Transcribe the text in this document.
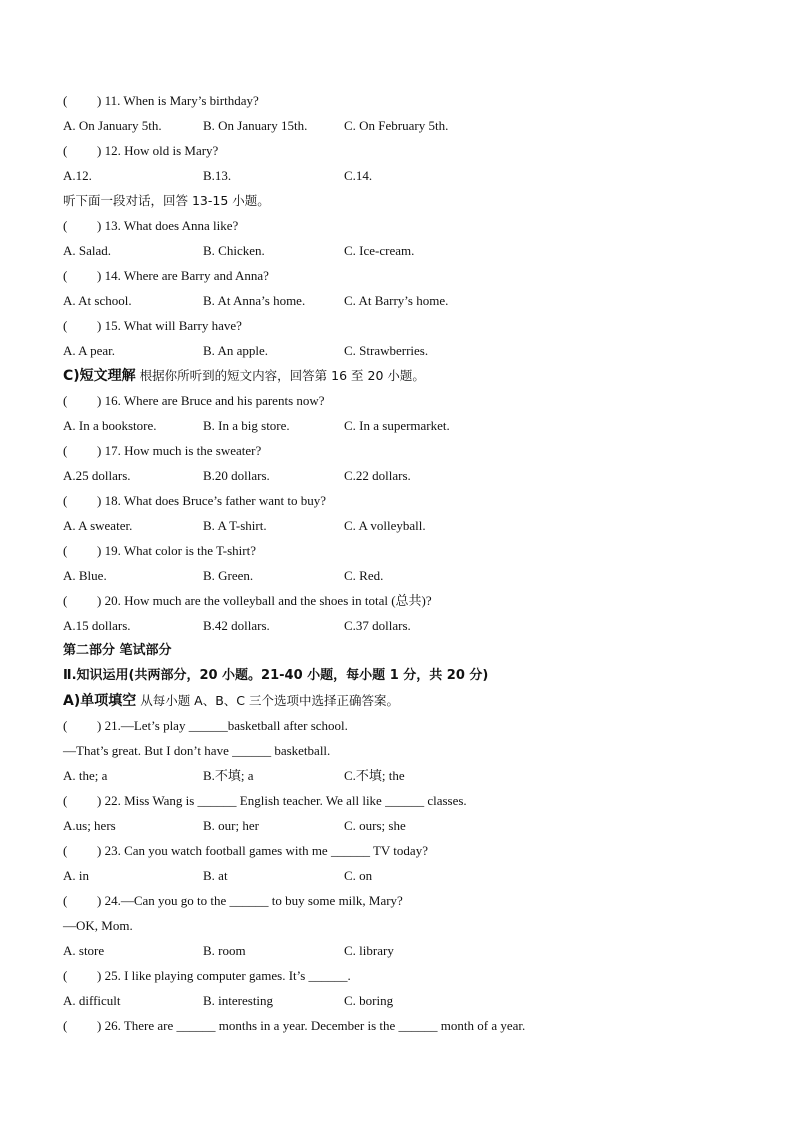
( ) 11. When is Mary’s birthday?
A. On January 5th.	B. On January 15th.	C. On February 5th.
( ) 12. How old is Mary?
A.12.	B.13.	C.14.
听下面一段对话，回答 13-15 小题。
( ) 13. What does Anna like?
A. Salad.	B. Chicken.	C. Ice-cream.
( ) 14. Where are Barry and Anna?
A. At school.	B. At Anna’s home.	C. At Barry’s home.
( ) 15. What will Barry have?
A. A pear.	B. An apple.	C. Strawberries.
C)短文理解 根据你所听到的短文内容，回答第 16 至 20 小题。
( ) 16. Where are Bruce and his parents now?
A. In a bookstore.	B. In a big store.	C. In a supermarket.
( ) 17. How much is the sweater?
A.25 dollars.	B.20 dollars.	C.22 dollars.
( ) 18. What does Bruce’s father want to buy?
A. A sweater.	B. A T-shirt.	C. A volleyball.
( ) 19. What color is the T-shirt?
A. Blue.	B. Green.	C. Red.
( ) 20. How much are the volleyball and the shoes in total (总共)?
A.15 dollars.	B.42 dollars.	C.37 dollars.
第二部分 笔试部分
Ⅱ.知识运用(共两部分，20 小题。21-40 小题，每小题 1 分，共 20 分)
A)单项填空 从每小题 A、B、C 三个选项中选择正确答案。
( ) 21.—Let’s play ______basketball after school.
—That’s great. But I don’t have ______ basketball.
A. the; a	B.不填; a	C.不填; the
( ) 22. Miss Wang is ______ English teacher. We all like ______ classes.
A.us; hers	B. our; her	C. ours; she
( ) 23. Can you watch football games with me ______ TV today?
A. in	B. at	C. on
( ) 24.—Can you go to the ______ to buy some milk, Mary?
—OK, Mom.
A. store	B. room	C. library
( ) 25. I like playing computer games. It’s ______.
A. difficult	B. interesting	C. boring
( ) 26. There are ______ months in a year. December is the ______ month of a year.
